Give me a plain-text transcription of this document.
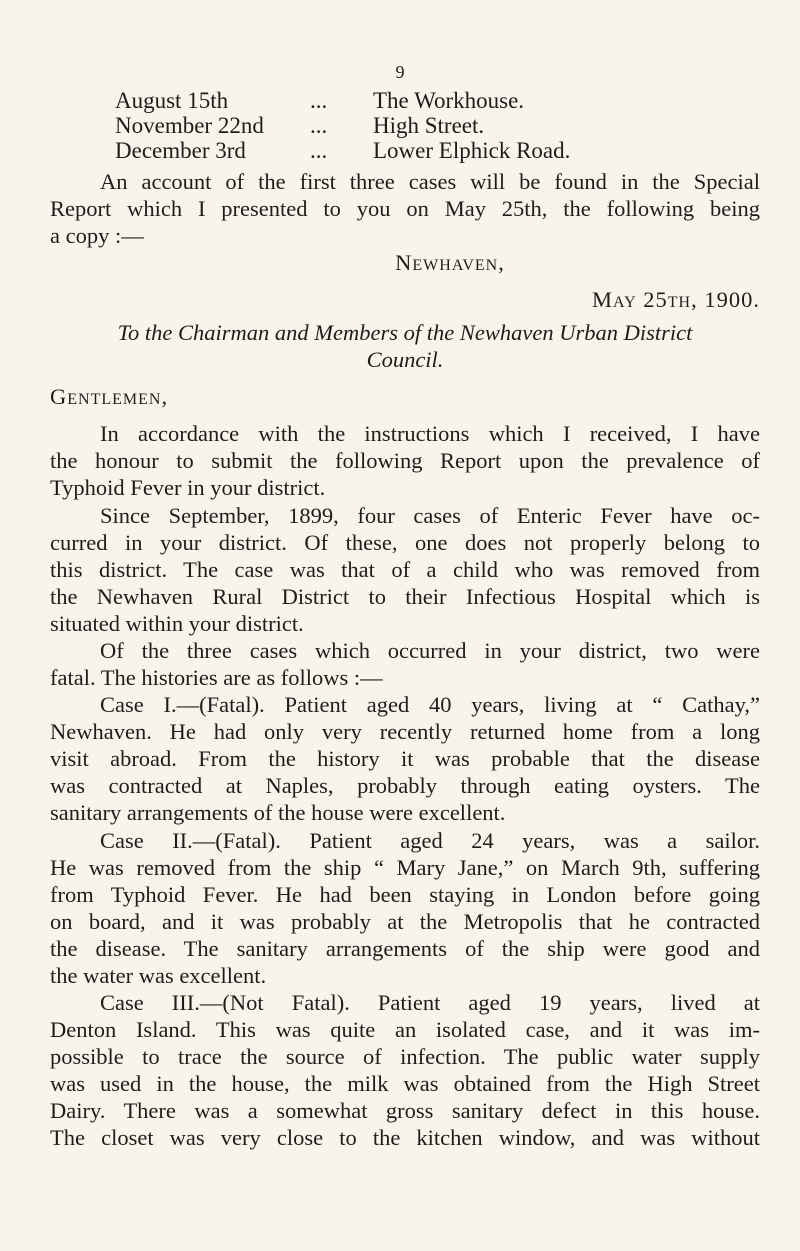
9
August 15th	... The Workhouse.
November 22nd ... High Street.
December 3rd	... Lower Elphick Road.
An account of the first three cases will be found in the Special
Report which I presented to you on May 25th, the following being
a copy :—
Newhaven,
May 25th, 1900.
To the Chairman and Members of the Newhaven Urban District
Council.
Gentlemen,
In accordance with the instructions which I received, I have
the honour to submit the following Report upon the prevalence of
Typhoid Fever in your district.
Since September, 1899, four cases of Enteric Fever have oc-
curred in your district. Of these, one does not properly belong to
this district. The case was that of a child who was removed from
the Newhaven Rural District to their Infectious Hospital which is
situated within your district.
Of the three cases which occurred in your district, two were
fatal. The histories are as follows :—
Case I.—(Fatal). Patient aged 40 years, living at “ Cathay,”
Newhaven. He had only very recently returned home from a long
visit abroad. From the history it was probable that the disease
was contracted at Naples, probably through eating oysters. The
sanitary arrangements of the house were excellent.
Case II.—(Fatal). Patient aged 24 years, was a sailor.
He was removed from the ship “ Mary Jane,” on March 9th, suffering
from Typhoid Fever. He had been staying in London before going
on board, and it was probably at the Metropolis that he contracted
the disease. The sanitary arrangements of the ship were good and
the water was excellent.
Case III.—(Not Fatal). Patient aged 19 years, lived at
Denton Island. This was quite an isolated case, and it was im-
possible to trace the source of infection. The public water supply
was used in the house, the milk was obtained from the High Street
Dairy. There was a somewhat gross sanitary defect in this house.
The closet was very close to the kitchen window, and was without
